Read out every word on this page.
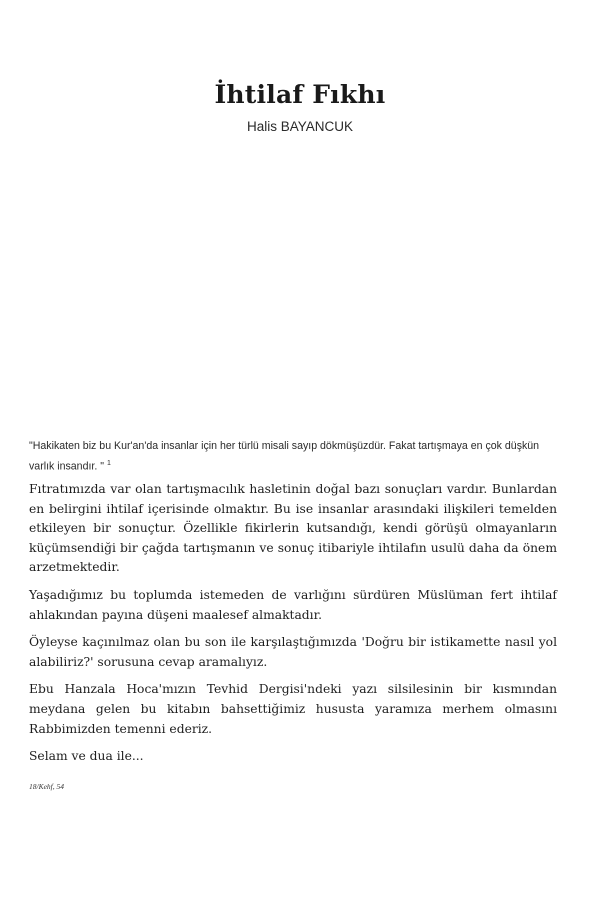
İhtilaf Fıkhı
Halis BAYANCUK

"Hakikaten biz bu Kur'an'da insanlar için her türlü misali sayıp dökmüşüzdür. Fakat tartışmaya en çok düşkün varlık insandır. " $^1$

Fıtratımızda var olan tartışmacılık hasletinin doğal bazı sonuçları vardır. Bunlardan en belirgini ihtilaf içerisinde olmaktır. Bu ise insanlar arasındaki ilişkileri temelden etkileyen bir sonuçtur. Özellikle fikirlerin kutsandığı, kendi görüşü olmayanların küçümsendiği bir çağda tartışmanın ve sonuç itibariyle ihtilafın usulü daha da önem arzetmektedir.

Yaşadığımız bu toplumda istemeden de varlığını sürdüren Müslüman fert ihtilaf ahlakından payına düşeni maalesef almaktadır.

Öyleyse kaçınılmaz olan bu son ile karşılaştığımızda 'Doğru bir istikamette nasıl yol alabiliriz?' sorusuna cevap aramalıyız.

Ebu Hanzala Hoca'mızın Tevhid Dergisi'ndeki yazı silsilesinin bir kısmından meydana gelen bu kitabın bahsettiğimiz hususta yaramıza merhem olmasını Rabbimizden temenni ederiz.

Selam ve dua ile...

18/Kehf, 54
